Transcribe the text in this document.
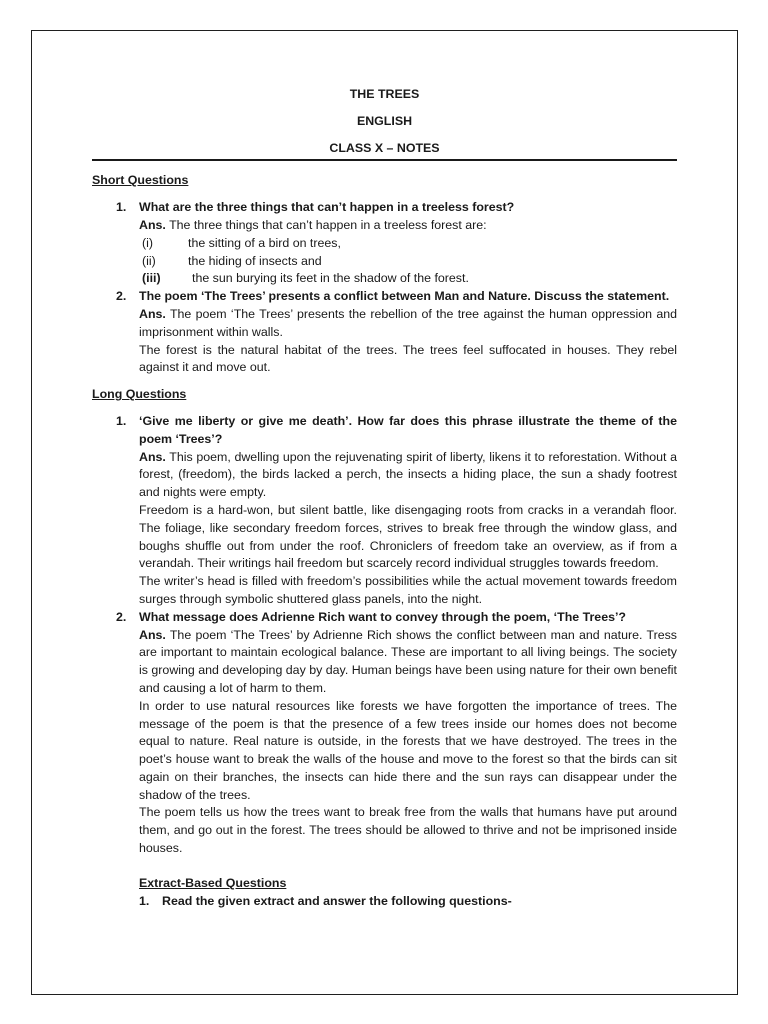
THE TREES
ENGLISH
CLASS X – NOTES
Short Questions
1. What are the three things that can’t happen in a treeless forest?
Ans. The three things that can’t happen in a treeless forest are:
(i)	the sitting of a bird on trees,
(ii)	the hiding of insects and
(iii)	the sun burying its feet in the shadow of the forest.
2. The poem ‘The Trees’ presents a conflict between Man and Nature. Discuss the statement.
Ans. The poem ‘The Trees’ presents the rebellion of the tree against the human oppression and imprisonment within walls.
The forest is the natural habitat of the trees. The trees feel suffocated in houses. They rebel against it and move out.
Long Questions
1. ‘Give me liberty or give me death’. How far does this phrase illustrate the theme of the poem ‘Trees’?
Ans. This poem, dwelling upon the rejuvenating spirit of liberty, likens it to reforestation. Without a forest, (freedom), the birds lacked a perch, the insects a hiding place, the sun a shady footrest and nights were empty.
Freedom is a hard-won, but silent battle, like disengaging roots from cracks in a verandah floor. The foliage, like secondary freedom forces, strives to break free through the window glass, and boughs shuffle out from under the roof. Chroniclers of freedom take an overview, as if from a verandah. Their writings hail freedom but scarcely record individual struggles towards freedom.
The writer’s head is filled with freedom’s possibilities while the actual movement towards freedom surges through symbolic shuttered glass panels, into the night.
2. What message does Adrienne Rich want to convey through the poem, ‘The Trees’?
Ans. The poem ‘The Trees’ by Adrienne Rich shows the conflict between man and nature. Tress are important to maintain ecological balance. These are important to all living beings. The society is growing and developing day by day. Human beings have been using nature for their own benefit and causing a lot of harm to them.
In order to use natural resources like forests we have forgotten the importance of trees. The message of the poem is that the presence of a few trees inside our homes does not become equal to nature. Real nature is outside, in the forests that we have destroyed. The trees in the poet’s house want to break the walls of the house and move to the forest so that the birds can sit again on their branches, the insects can hide there and the sun rays can disappear under the shadow of the trees.
The poem tells us how the trees want to break free from the walls that humans have put around them, and go out in the forest. The trees should be allowed to thrive and not be imprisoned inside houses.
Extract-Based Questions
1. Read the given extract and answer the following questions-
